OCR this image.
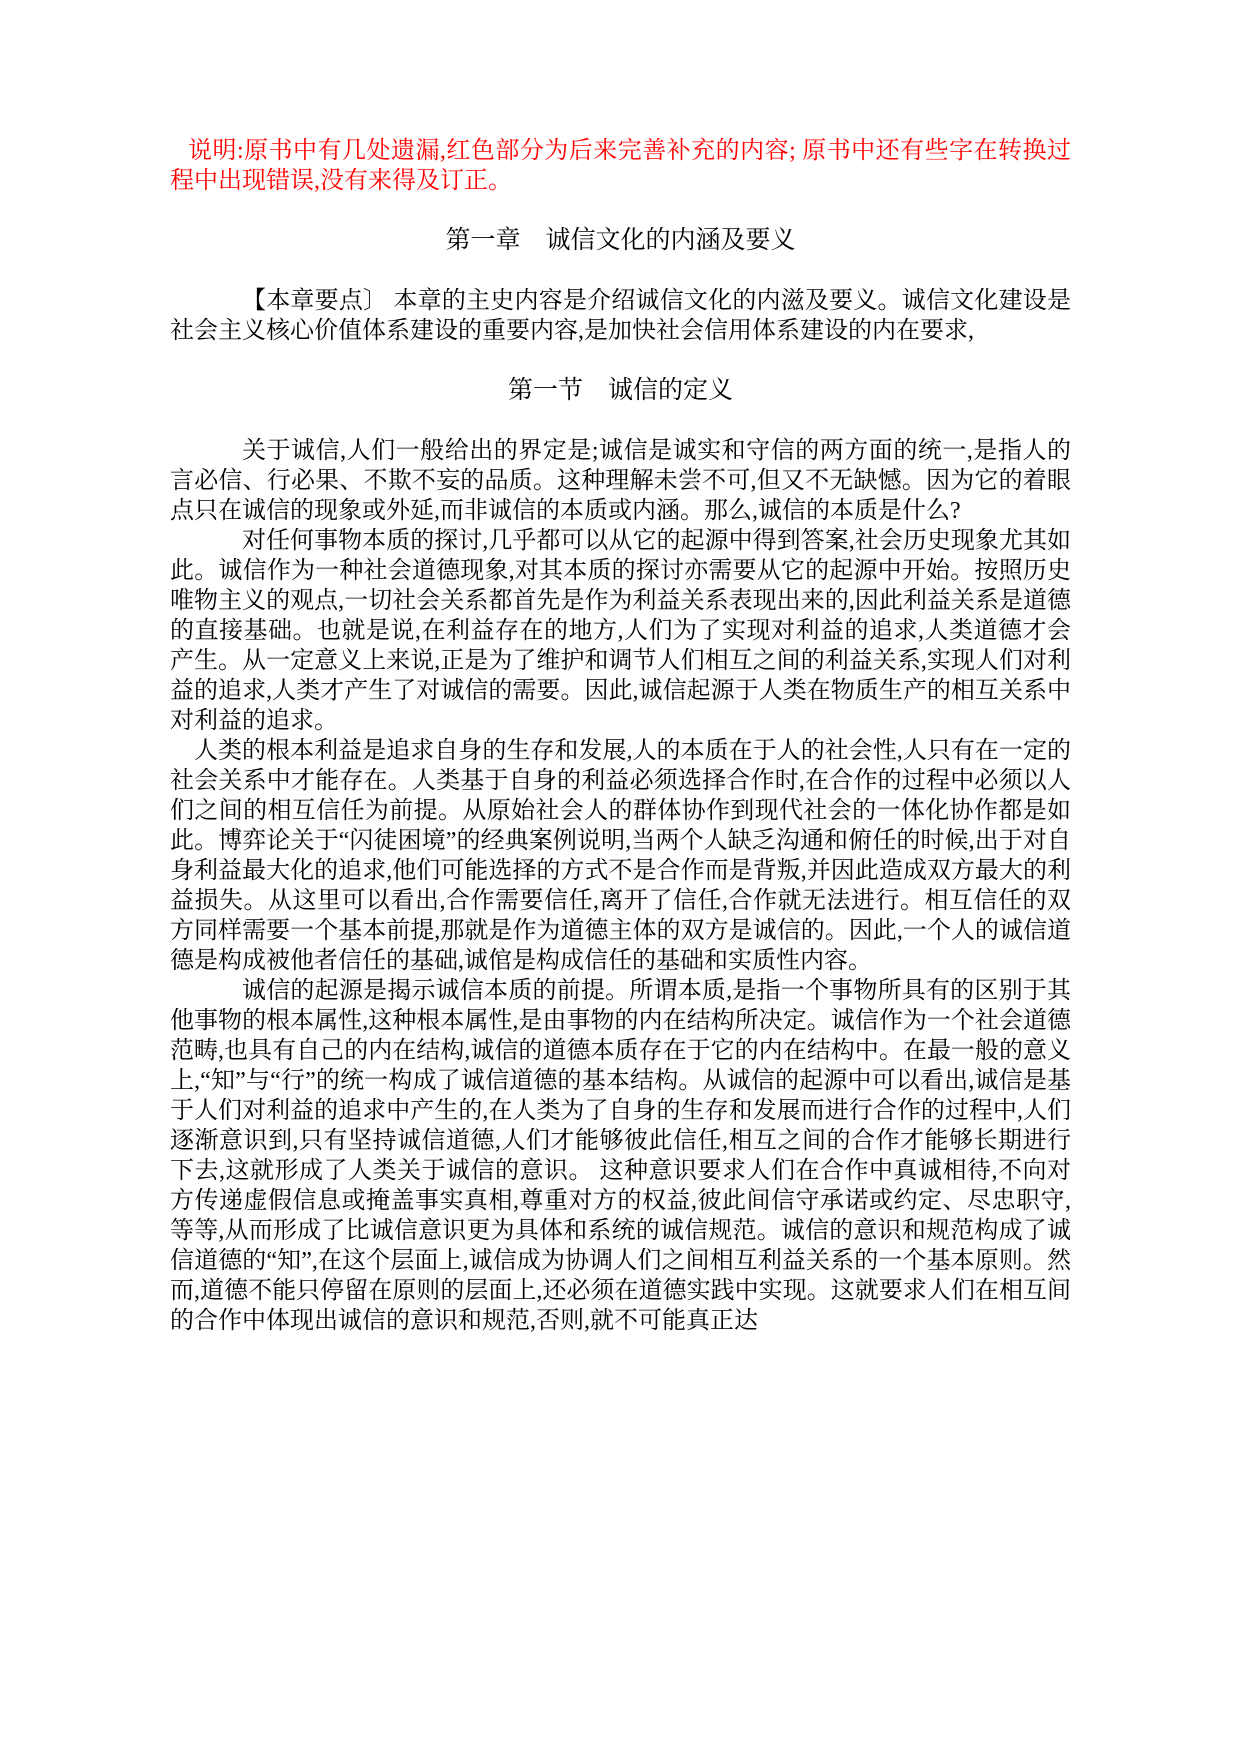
说明:原书中有几处遗漏,红色部分为后来完善补充的内容; 原书中还有些字在转换过程中出现错误,没有来得及订正。

第一章　诚信文化的内涵及要义

【本章要点〕 本章的主史内容是介绍诚信文化的内滋及要义。诚信文化建设是社会主义核心价值体系建设的重要内容,是加快社会信用体系建设的内在要求,

第一节　诚信的定义

关于诚信,人们一般给出的界定是;诚信是诚实和守信的两方面的统一,是指人的言必信、行必果、不欺不妄的品质。这种理解未尝不可,但又不无缺憾。因为它的着眼点只在诚信的现象或外延,而非诚信的本质或内涵。那么,诚信的本质是什么?

对任何事物本质的探讨,几乎都可以从它的起源中得到答案,社会历史现象尤其如此。诚信作为一种社会道德现象,对其本质的探讨亦需要从它的起源中开始。按照历史唯物主义的观点,一切社会关系都首先是作为利益关系表现出来的,因此利益关系是道德的直接基础。也就是说,在利益存在的地方,人们为了实现对利益的追求,人类道德才会产生。从一定意义上来说,正是为了维护和调节人们相互之间的利益关系,实现人们对利益的追求,人类才产生了对诚信的需要。因此,诚信起源于人类在物质生产的相互关系中对利益的追求。

人类的根本利益是追求自身的生存和发展,人的本质在于人的社会性,人只有在一定的社会关系中才能存在。人类基于自身的利益必须选择合作时,在合作的过程中必须以人们之间的相互信任为前提。从原始社会人的群体协作到现代社会的一体化协作都是如此。博弈论关于“闪徒困境”的经典案例说明,当两个人缺乏沟通和俯任的时候,出于对自身利益最大化的追求,他们可能选择的方式不是合作而是背叛,并因此造成双方最大的利益损失。从这里可以看出,合作需要信任,离开了信任,合作就无法进行。相互信任的双方同样需要一个基本前提,那就是作为道德主体的双方是诚信的。因此,一个人的诚信道德是构成被他者信任的基础,诚倌是构成信任的基础和实质性内容。

诚信的起源是揭示诚信本质的前提。所谓本质,是指一个事物所具有的区别于其他事物的根本属性,这种根本属性,是由事物的内在结构所决定。诚信作为一个社会道德范畴,也具有自己的内在结构,诚信的道德本质存在于它的内在结构中。在最一般的意义上,“知”与“行”的统一构成了诚信道德的基本结构。从诚信的起源中可以看出,诚信是基于人们对利益的追求中产生的,在人类为了自身的生存和发展而进行合作的过程中,人们逐渐意识到,只有坚持诚信道德,人们才能够彼此信任,相互之间的合作才能够长期进行下去,这就形成了人类关于诚信的意识。 这种意识要求人们在合作中真诚相待,不向对方传递虚假信息或掩盖事实真相,尊重对方的权益,彼此间信守承诺或约定、尽忠职守,等等,从而形成了比诚信意识更为具体和系统的诚信规范。诚信的意识和规范构成了诚信道德的“知”,在这个层面上,诚信成为协调人们之间相互利益关系的一个基本原则。然而,道德不能只停留在原则的层面上,还必须在道德实践中实现。这就要求人们在相互间的合作中体现出诚信的意识和规范,否则,就不可能真正达
